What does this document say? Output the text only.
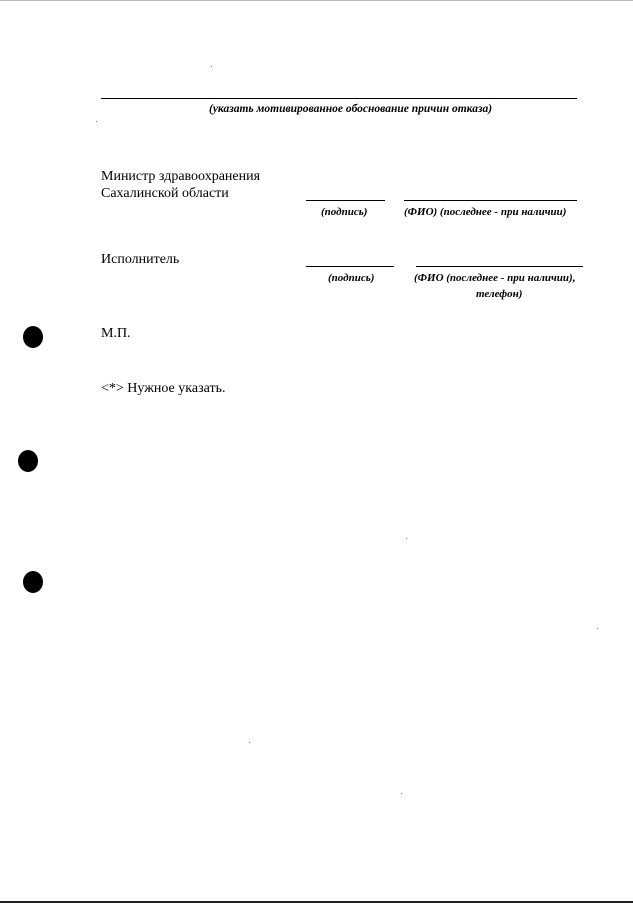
(указать мотивированное обоснование причин отказа)
Министр здравоохранения
Сахалинской области
(подпись)	(ФИО) (последнее - при наличии)
Исполнитель
(подпись)	(ФИО (последнее - при наличии),
телефон)
М.П.
<*> Нужное указать.
